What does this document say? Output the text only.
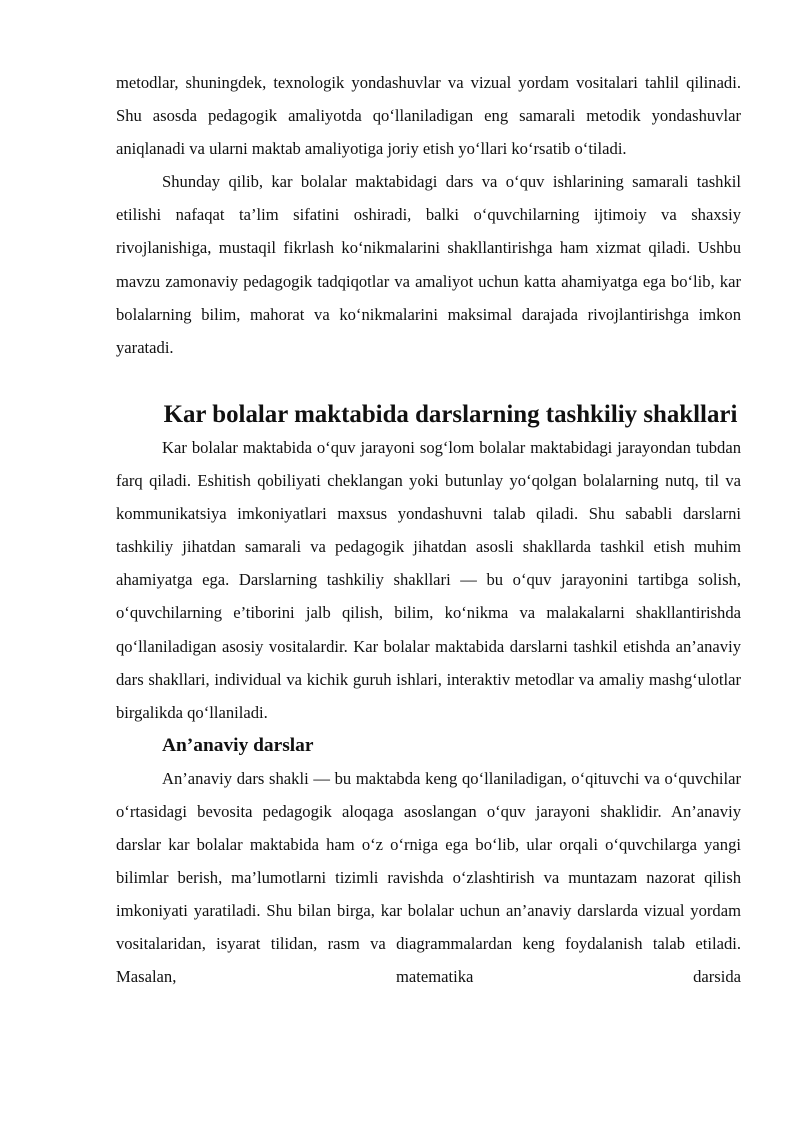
metodlar, shuningdek, texnologik yondashuvlar va vizual yordam vositalari tahlil qilinadi. Shu asosda pedagogik amaliyotda qo‘llaniladigan eng samarali metodik yondashuvlar aniqlanadi va ularni maktab amaliyotiga joriy etish yo‘llari ko‘rsatib o‘tiladi.

Shunday qilib, kar bolalar maktabidagi dars va o‘quv ishlarining samarali tashkil etilishi nafaqat ta’lim sifatini oshiradi, balki o‘quvchilarning ijtimoiy va shaxsiy rivojlanishiga, mustaqil fikrlash ko‘nikmalarini shakllantirishga ham xizmat qiladi. Ushbu mavzu zamonaviy pedagogik tadqiqotlar va amaliyot uchun katta ahamiyatga ega bo‘lib, kar bolalarning bilim, mahorat va ko‘nikmalarini maksimal darajada rivojlantirishga imkon yaratadi.

Kar bolalar maktabida darslarning tashkiliy shakllari

Kar bolalar maktabida o‘quv jarayoni sog‘lom bolalar maktabidagi jarayondan tubdan farq qiladi. Eshitish qobiliyati cheklangan yoki butunlay yo‘qolgan bolalarning nutq, til va kommunikatsiya imkoniyatlari maxsus yondashuvni talab qiladi. Shu sababli darslarni tashkiliy jihatdan samarali va pedagogik jihatdan asosli shakllarda tashkil etish muhim ahamiyatga ega. Darslarning tashkiliy shakllari — bu o‘quv jarayonini tartibga solish, o‘quvchilarning e’tiborini jalb qilish, bilim, ko‘nikma va malakalarni shakllantirishda qo‘llaniladigan asosiy vositalardir. Kar bolalar maktabida darslarni tashkil etishda an’anaviy dars shakllari, individual va kichik guruh ishlari, interaktiv metodlar va amaliy mashg‘ulotlar birgalikda qo‘llaniladi.

An’anaviy darslar

An’anaviy dars shakli — bu maktabda keng qo‘llaniladigan, o‘qituvchi va o‘quvchilar o‘rtasidagi bevosita pedagogik aloqaga asoslangan o‘quv jarayoni shaklidir. An’anaviy darslar kar bolalar maktabida ham o‘z o‘rniga ega bo‘lib, ular orqali o‘quvchilarga yangi bilimlar berish, ma’lumotlarni tizimli ravishda o‘zlashtirish va muntazam nazorat qilish imkoniyati yaratiladi. Shu bilan birga, kar bolalar uchun an’anaviy darslarda vizual yordam vositalaridan, isyarat tilidan, rasm va diagrammalardan keng foydalanish talab etiladi. Masalan, matematika darsida
